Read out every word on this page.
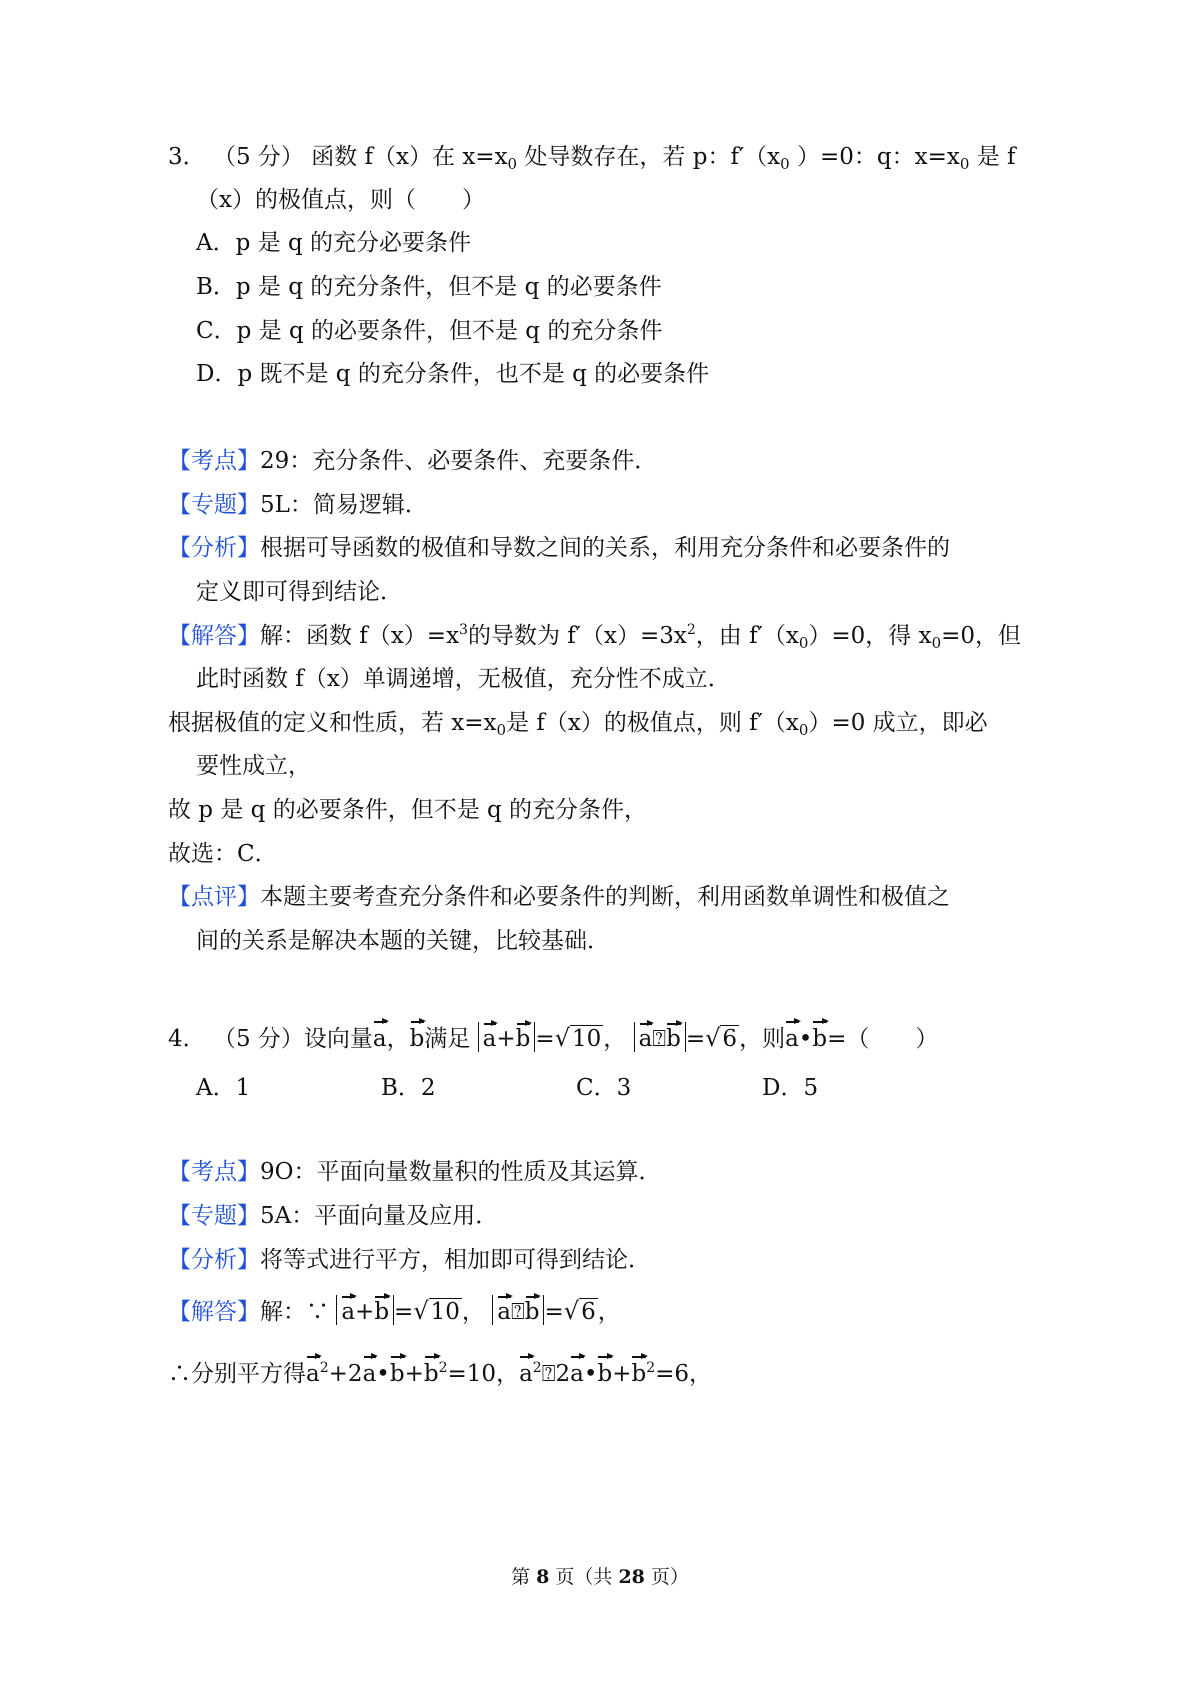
3． （5 分） 函数 f（x）在 $x=x_0$ 处导数存在，若 p：$f'(x_0$ ）=0：q：$x=x_0$ 是 f
（x）的极值点，则（　　）
A．p 是 q 的充分必要条件
B．p 是 q 的充分条件，但不是 q 的必要条件
C．p 是 q 的必要条件，但不是 q 的充分条件
D．p 既不是 q 的充分条件，也不是 q 的必要条件
【考点】29：充分条件、必要条件、充要条件．
【专题】5L：简易逻辑．
【分析】根据可导函数的极值和导数之间的关系，利用充分条件和必要条件的
定义即可得到结论．
【解答】解：函数 $f(x)=x^3$的导数为 $f'(x)=3x^2$，由 $f'(x_0)=0$，得 $x_0=0$，但
此时函数 f（x）单调递增，无极值，充分性不成立．
根据极值的定义和性质，若 $x=x_0$是 f（x）的极值点，则 $f'(x_0)=0$ 成立，即必
要性成立，
故 p 是 q 的必要条件，但不是 q 的充分条件，
故选：C．
【点评】本题主要考查充分条件和必要条件的判断，利用函数单调性和极值之
间的关系是解决本题的关键，比较基础．
4． （5 分）设向量a，b满足 a+b =√10， a⍰b =√6，则a•b=（　　）
A．1	B．2	C．3	D．5
【考点】9O：平面向量数量积的性质及其运算．
【专题】5A：平面向量及应用．
【分析】将等式进行平方，相加即可得到结论．
【解答】解：∵ a+b =√10， a⍰b =√6，
∴分别平方得$a^2+2a•b+b^2=10$，$a^2⍰2a•b+b^2=6$，
第 8 页（共 28 页）
